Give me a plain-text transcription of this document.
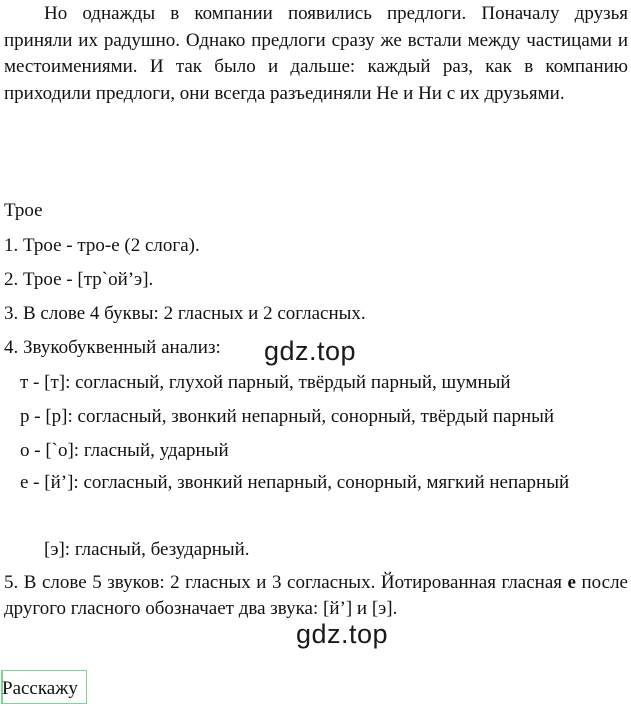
Но однажды в компании появились предлоги. Поначалу друзья приняли их радушно. Однако предлоги сразу же встали между частицами и местоимениями. И так было и дальше: каждый раз, как в компанию приходили предлоги, они всегда разъединяли Не и Ни с их друзьями.

Трое

1. Трое - тро-е (2 слога).

2. Трое - [тр`ой’э].

3. В слове 4 буквы: 2 гласных и 2 согласных.

4. Звукобуквенный анализ: gdz.top

т - [т]: согласный, глухой парный, твёрдый парный, шумный

р - [р]: согласный, звонкий непарный, сонорный, твёрдый парный

о - [`о]: гласный, ударный

е - [й’]: согласный, звонкий непарный, сонорный, мягкий непарный

[э]: гласный, безударный.

5. В слове 5 звуков: 2 гласных и 3 согласных. Йотированная гласная е после другого гласного обозначает два звука: [й’] и [э].

gdz.top
Расскажу
